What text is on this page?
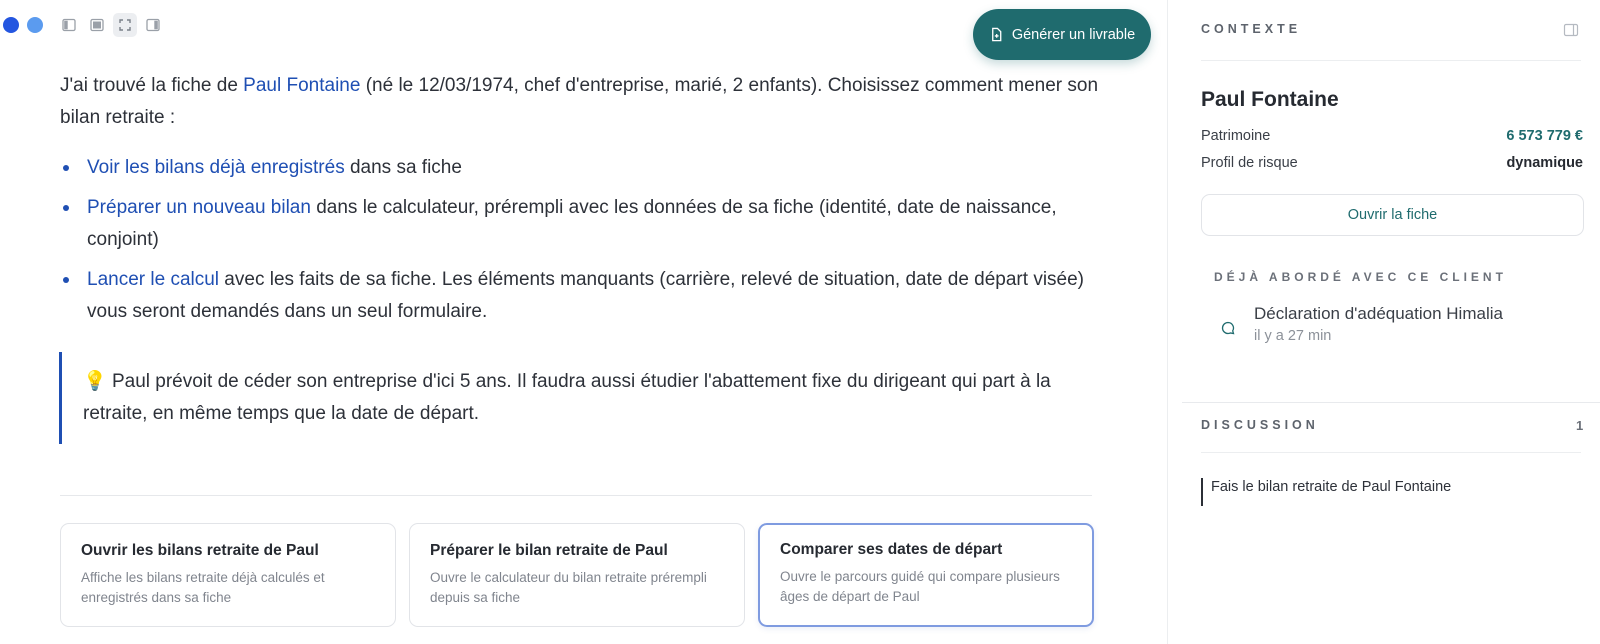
Générer un livrable

J'ai trouvé la fiche de Paul Fontaine (né le 12/03/1974, chef d'entreprise, marié, 2 enfants). Choisissez comment mener son bilan retraite :

Voir les bilans déjà enregistrés dans sa fiche
Préparer un nouveau bilan dans le calculateur, prérempli avec les données de sa fiche (identité, date de naissance, conjoint)
Lancer le calcul avec les faits de sa fiche. Les éléments manquants (carrière, relevé de situation, date de départ visée) vous seront demandés dans un seul formulaire.
💡 Paul prévoit de céder son entreprise d'ici 5 ans. Il faudra aussi étudier l'abattement fixe du dirigeant qui part à la retraite, en même temps que la date de départ.
Ouvrir les bilans retraite de Paul
Affiche les bilans retraite déjà calculés et enregistrés dans sa fiche
Préparer le bilan retraite de Paul
Ouvre le calculateur du bilan retraite prérempli depuis sa fiche
Comparer ses dates de départ
Ouvre le parcours guidé qui compare plusieurs âges de départ de Paul
CONTEXTE
Paul Fontaine
Patrimoine	6 573 779 €
Profil de risque	dynamique
Ouvrir la fiche
DÉJÀ ABORDÉ AVEC CE CLIENT
Déclaration d'adéquation Himalia
il y a 27 min
DISCUSSION	1
Fais le bilan retraite de Paul Fontaine
